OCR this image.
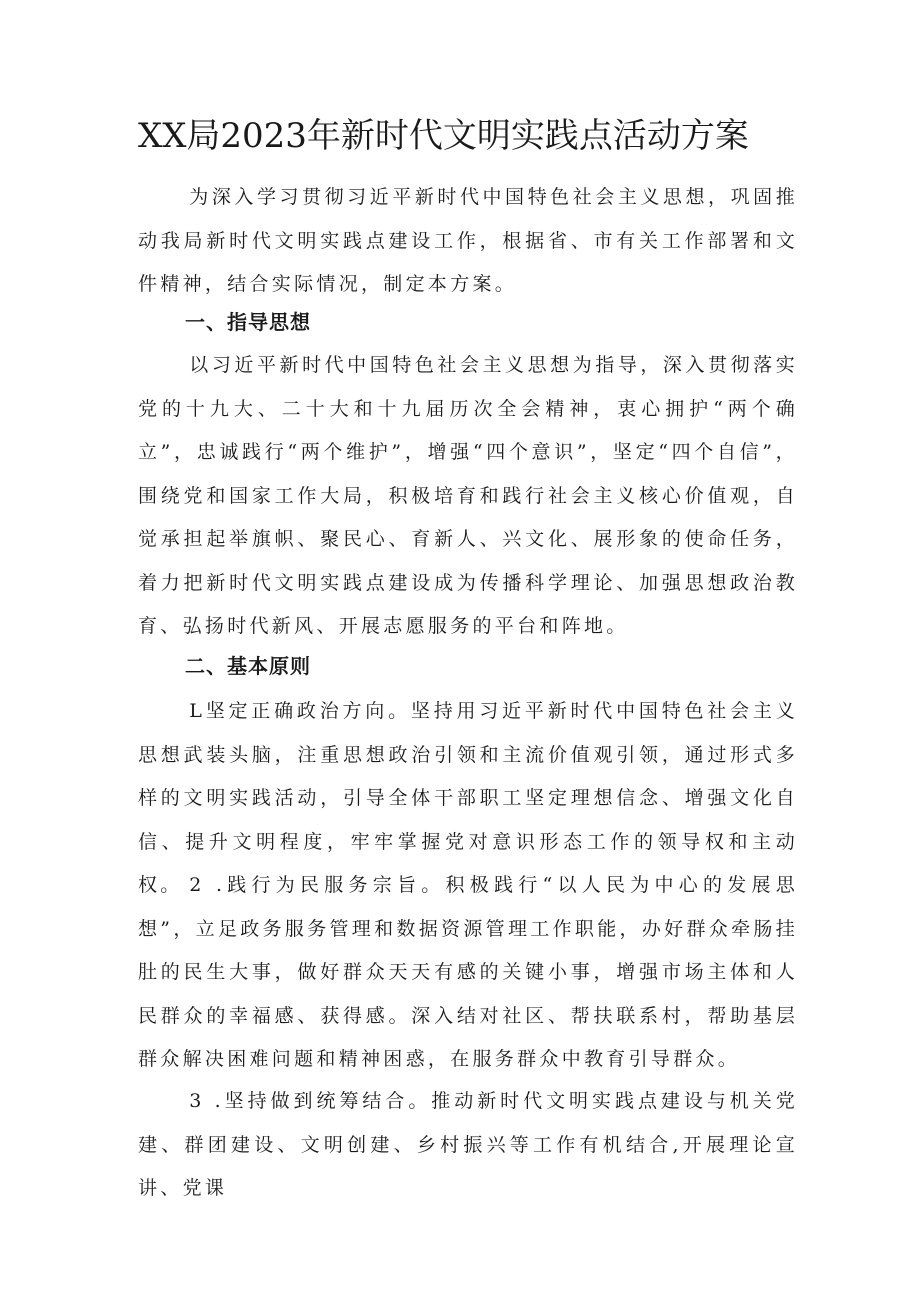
XX局2023年新时代文明实践点活动方案

为深入学习贯彻习近平新时代中国特色社会主义思想，巩固推动我局新时代文明实践点建设工作，根据省、市有关工作部署和文件精神，结合实际情况，制定本方案。

一、指导思想

以习近平新时代中国特色社会主义思想为指导，深入贯彻落实党的十九大、二十大和十九届历次全会精神，衷心拥护“两个确立”，忠诚践行“两个维护”，增强“四个意识”，坚定“四个自信”，围绕党和国家工作大局，积极培育和践行社会主义核心价值观，自觉承担起举旗帜、聚民心、育新人、兴文化、展形象的使命任务，着力把新时代文明实践点建设成为传播科学理论、加强思想政治教育、弘扬时代新风、开展志愿服务的平台和阵地。

二、基本原则

L坚定正确政治方向。坚持用习近平新时代中国特色社会主义思想武装头脑，注重思想政治引领和主流价值观引领，通过形式多样的文明实践活动，引导全体干部职工坚定理想信念、增强文化自信、提升文明程度，牢牢掌握党对意识形态工作的领导权和主动权。 2 .践行为民服务宗旨。积极践行“以人民为中心的发展思想”，立足政务服务管理和数据资源管理工作职能，办好群众牵肠挂肚的民生大事，做好群众天天有感的关键小事，增强市场主体和人民群众的幸福感、获得感。深入结对社区、帮扶联系村，帮助基层群众解决困难问题和精神困惑，在服务群众中教育引导群众。

3 .坚持做到统筹结合。推动新时代文明实践点建设与机关党建、群团建设、文明创建、乡村振兴等工作有机结合,开展理论宣讲、党课
